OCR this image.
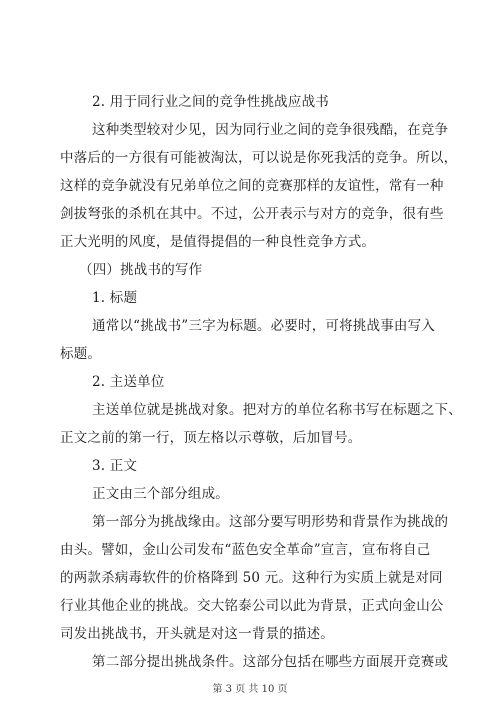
2. 用于同行业之间的竞争性挑战应战书
这种类型较对少见，因为同行业之间的竞争很残酷，在竞争
中落后的一方很有可能被淘汰，可以说是你死我活的竞争。所以，
这样的竞争就没有兄弟单位之间的竞赛那样的友谊性，常有一种
剑拔弩张的杀机在其中。不过，公开表示与对方的竞争，很有些
正大光明的风度，是值得提倡的一种良性竞争方式。
（四）挑战书的写作
1. 标题
通常以“挑战书”三字为标题。必要时，可将挑战事由写入
标题。
2. 主送单位
主送单位就是挑战对象。把对方的单位名称书写在标题之下、
正文之前的第一行，顶左格以示尊敬，后加冒号。
3. 正文
正文由三个部分组成。
第一部分为挑战缘由。这部分要写明形势和背景作为挑战的
由头。譬如，金山公司发布“蓝色安全革命”宣言，宣布将自己
的两款杀病毒软件的价格降到 50 元。这种行为实质上就是对同
行业其他企业的挑战。交大铭泰公司以此为背景，正式向金山公
司发出挑战书，开头就是对这一背景的描述。
第二部分提出挑战条件。这部分包括在哪些方面展开竞赛或
第 3 页 共 10 页
